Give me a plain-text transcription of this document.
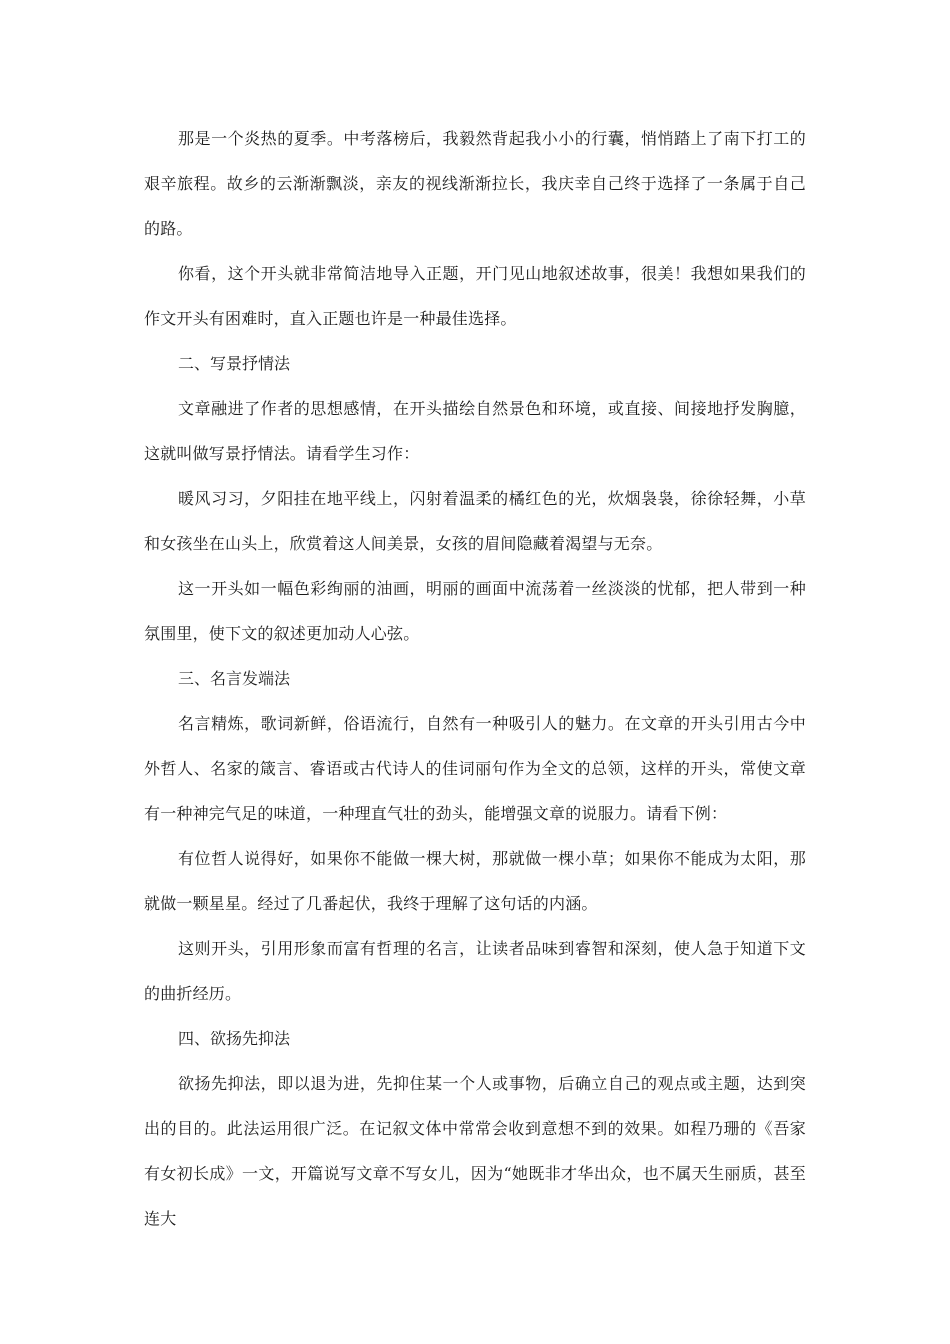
那是一个炎热的夏季。中考落榜后，我毅然背起我小小的行囊，悄悄踏上了南下打工的艰辛旅程。故乡的云渐渐飘淡，亲友的视线渐渐拉长，我庆幸自己终于选择了一条属于自己的路。

你看，这个开头就非常简洁地导入正题，开门见山地叙述故事，很美！我想如果我们的作文开头有困难时，直入正题也许是一种最佳选择。

二、写景抒情法

文章融进了作者的思想感情，在开头描绘自然景色和环境，或直接、间接地抒发胸臆，这就叫做写景抒情法。请看学生习作：

暖风习习，夕阳挂在地平线上，闪射着温柔的橘红色的光，炊烟袅袅，徐徐轻舞，小草和女孩坐在山头上，欣赏着这人间美景，女孩的眉间隐藏着渴望与无奈。

这一开头如一幅色彩绚丽的油画，明丽的画面中流荡着一丝淡淡的忧郁，把人带到一种氛围里，使下文的叙述更加动人心弦。

三、名言发端法

名言精炼，歌词新鲜，俗语流行，自然有一种吸引人的魅力。在文章的开头引用古今中外哲人、名家的箴言、睿语或古代诗人的佳词丽句作为全文的总领，这样的开头，常使文章有一种神完气足的味道，一种理直气壮的劲头，能增强文章的说服力。请看下例：

有位哲人说得好，如果你不能做一棵大树，那就做一棵小草；如果你不能成为太阳，那就做一颗星星。经过了几番起伏，我终于理解了这句话的内涵。

这则开头，引用形象而富有哲理的名言，让读者品味到睿智和深刻，使人急于知道下文的曲折经历。

四、欲扬先抑法

欲扬先抑法，即以退为进，先抑住某一个人或事物，后确立自己的观点或主题，达到突出的目的。此法运用很广泛。在记叙文体中常常会收到意想不到的效果。如程乃珊的《吾家有女初长成》一文，开篇说写文章不写女儿，因为“她既非才华出众，也不属天生丽质，甚至连大
